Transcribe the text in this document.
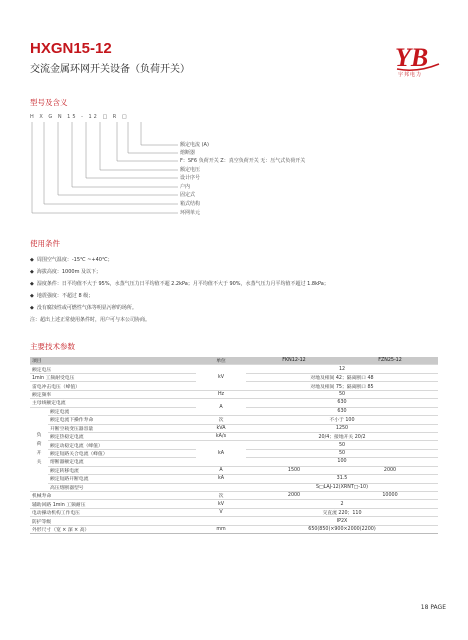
HXGN15-12
交流金属环网开关设备（负荷开关）	YB
宇邦电力
型号及含义
H X G N 15 - 12 □ R □
额定电流 (A)
熔断器
F：SF6 负荷开关 Z：真空负荷开关 无：压气式负荷开关
额定电压
设计序号
户内
固定式
箱式结构
环网单元
使用条件
◆ 周围空气温度：-15℃ ~+40℃；
◆ 海拔高度：1000m 及以下；
◆ 湿度条件：日平均值不大于 95%，水蒸气压力日平均值不超 2.2kPa；月平均值不大于 90%，水蒸气压力月平均值不超过 1.8kPa；
◆ 地震强度：不超过 8 级；
◆ 没有腐蚀性或可燃性气体等明显污秽的场所。
注：超出上述正常使用条件时，用户可与本公司协商。
主要技术参数
项目		单位	FKN12-12	FZN25-12
额定电压		kV	12	
1min 工频耐受电压			对地及相间 42；隔离断口 48	
雷电冲击电压（峰值）			对地及相间 75；隔离断口 85	
额定频率		Hz	50	
主母线额定电流		A	630	
负荷开关	额定电流		630	
	额定电流下操作寿命	次	不小于 100	
	开断空载变压器容量	kVA	1250	
	额定热稳定电流	kA/s	20/4；接地开关 20/2	
	额定动稳定电流（峰值）	kA	50	
	额定短路关合电流（峰值）		50	
	熔断器额定电流		100	
	额定转移电流	A	1500	2000
	额定短路开断电流	kA	31.5	
	高压熔断器型号		S□LAJ-12(XRNT□-10)	
机械寿命		次	2000	10000
辅助回路 1min 工频耐压		kV	2	
电动操动机构工作电压		V	交直流 220；110	
防护等级			IP2X	
外形尺寸（宽 × 深 × 高）		mm	650(850)×900×2000(2200)	
18 PAGE
